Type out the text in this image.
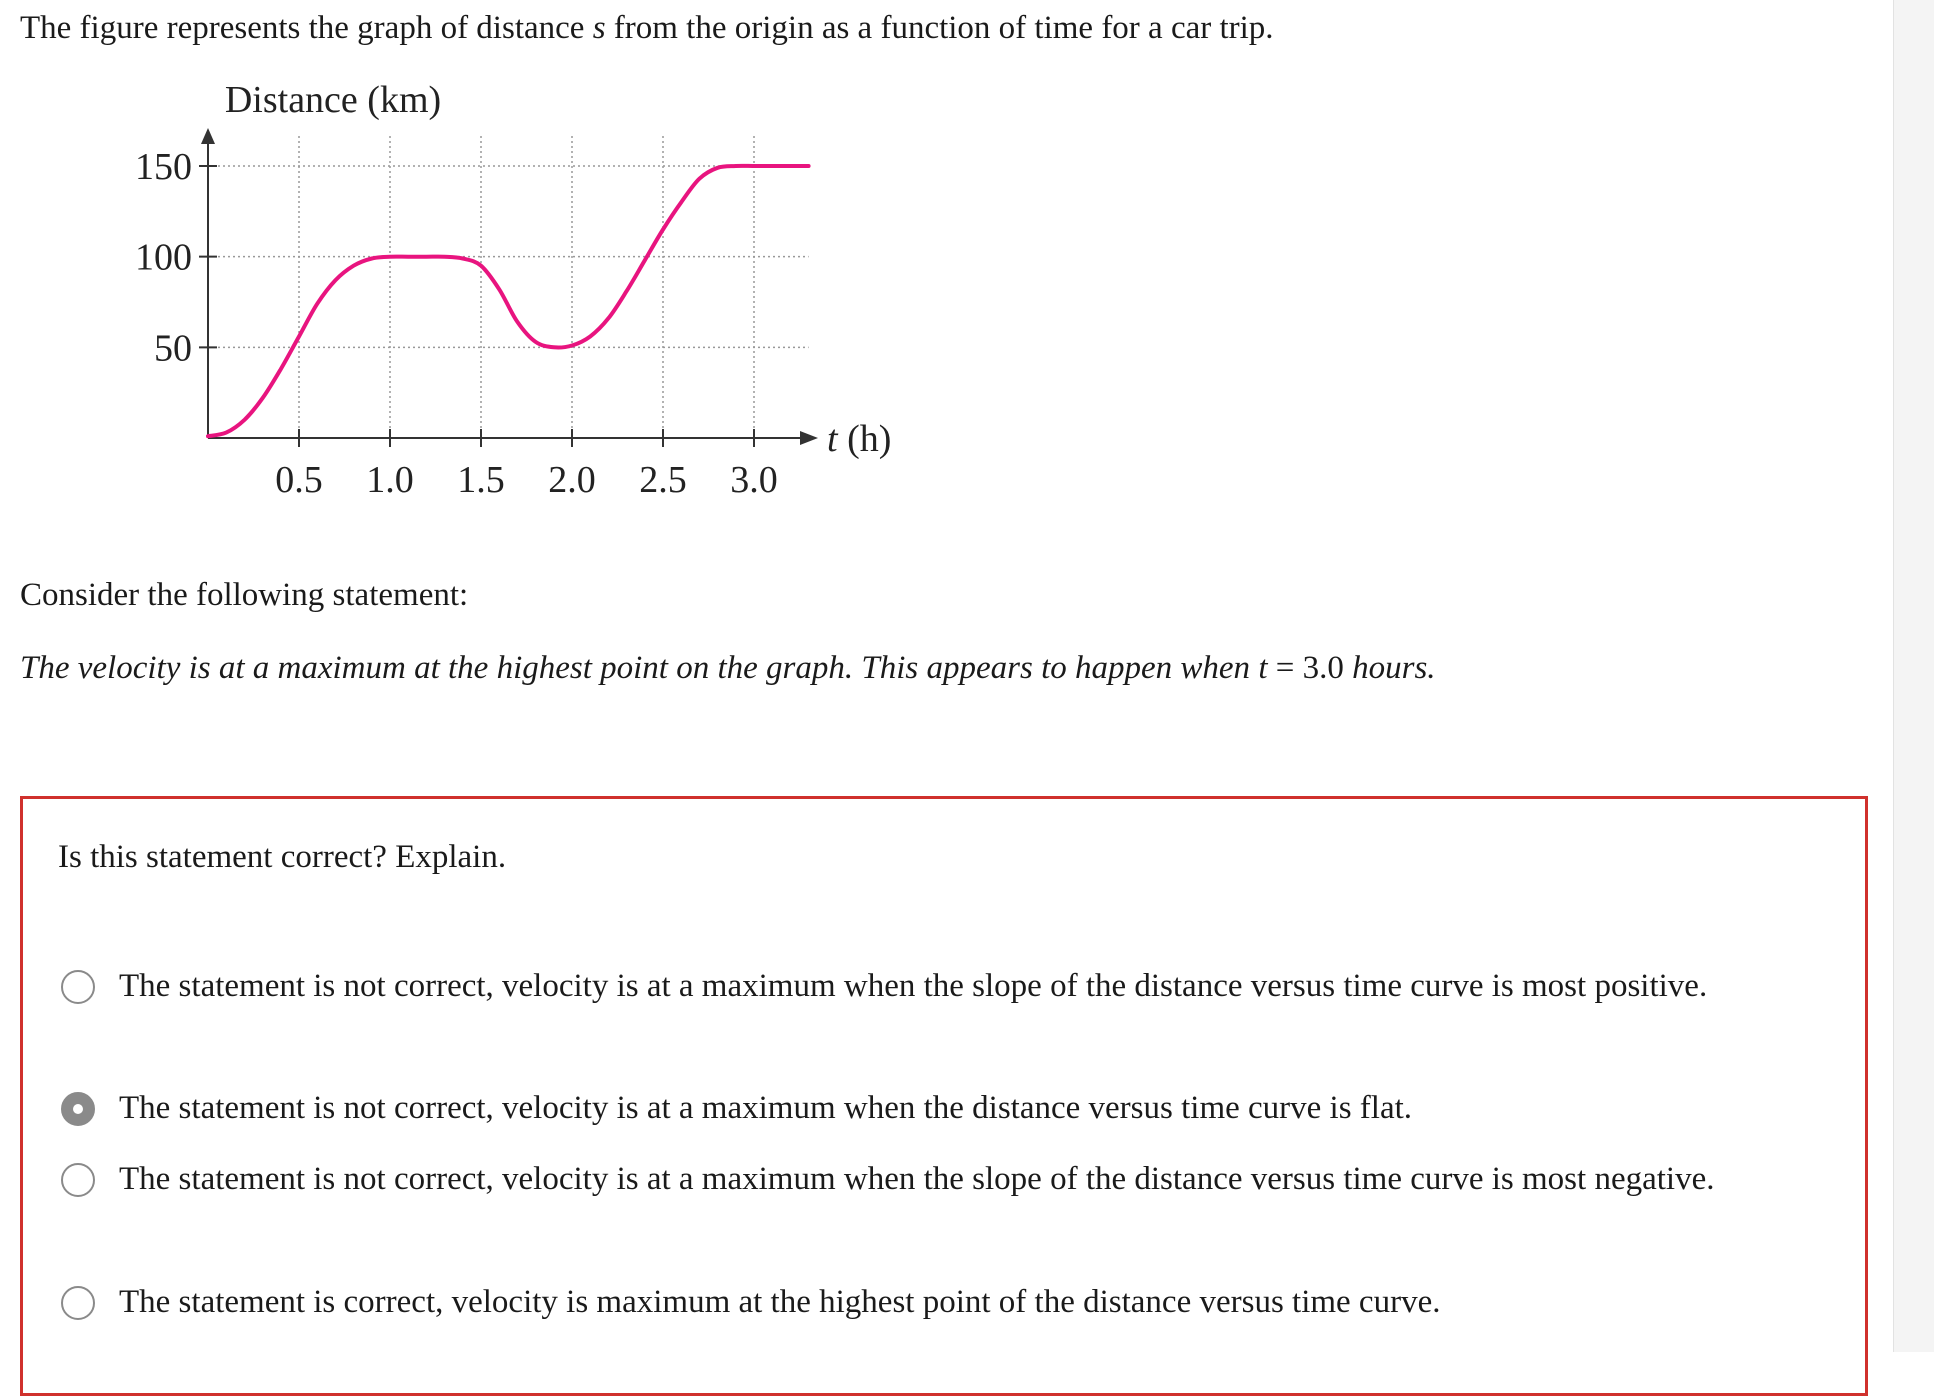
The figure represents the graph of distance s from the origin as a function of time for a car trip.
50
100
150
0.5 1.0 1.5 2.0 2.5 3.0
Distance (km)
t (h)
Consider the following statement:
The velocity is at a maximum at the highest point on the graph. This appears to happen when t = 3.0 hours.
Is this statement correct? Explain.
The statement is not correct, velocity is at a maximum when the slope of the distance versus time curve is most positive.
The statement is not correct, velocity is at a maximum when the distance versus time curve is flat.
The statement is not correct, velocity is at a maximum when the slope of the distance versus time curve is most negative.
The statement is correct, velocity is maximum at the highest point of the distance versus time curve.
